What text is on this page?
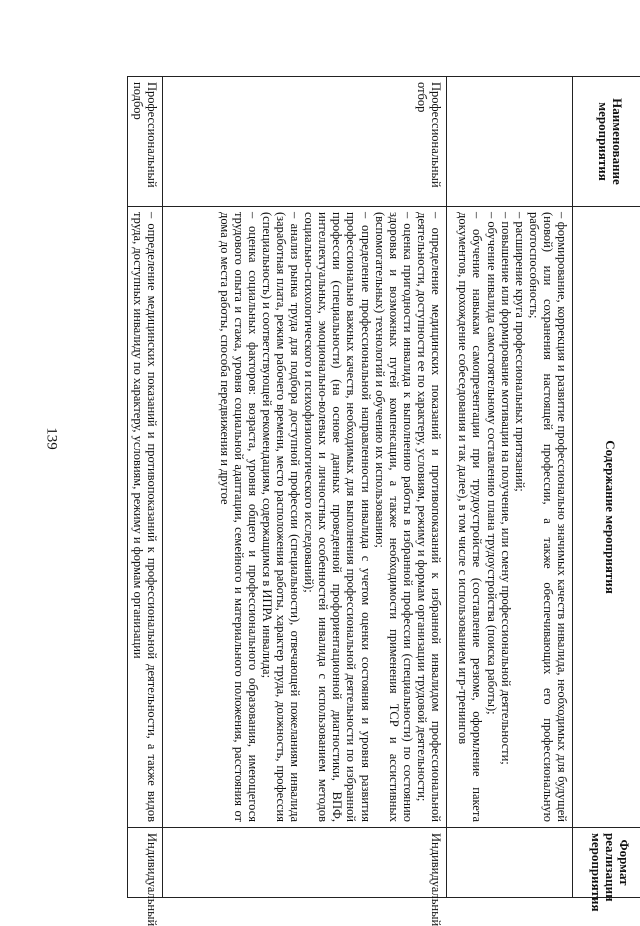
139
Наименование мероприятия	Содержание мероприятия	Формат реализации мероприятия

	– формирование, коррекция и развитие профессионально значимых качеств инвалида, необходимых для будущей (новой) или сохранения настоящей профессии, а также обеспечивающих его профессиональную работоспособность;

– расширение круга профессиональных притязаний;

– повышение или формирование мотивации на получение, или смену профессиональной деятельности;

– обучение инвалида самостоятельному составлению плана трудоустройства (поиска работы);

– обучение навыкам самопрезентации при трудоустройстве (составление резюме, оформление пакета документов, прохождение собеседования и так далее), в том числе с использованием игр-тренингов	

Профессиональный отбор	– определение медицинских показаний и противопоказаний к избранной инвалидом профессиональной деятельности, доступности ее по характеру, условиям, режиму и формам организации трудовой деятельности;

– оценка пригодности инвалида к выполнению работы в избранной профессии (специальности) по состоянию здоровья и возможных путей компенсации, а также необходимости применения ТСР и ассистивных (вспомогательных) технологий и обучению их использованию;

– определение профессиональной направленности инвалида с учетом оценки состояния и уровня развития профессионально важных качеств, необходимых для выполнения профессиональной деятельности по избранной профессии (специальности) (на основе данных проведенной профориентационной диагностики, ВПФ, интеллектуальных, эмоционально-волевых и личностных особенностей инвалида с использованием методов социально-психологического и психофизиологического исследований);

– анализ рынка труда для подбора доступной профессии (специальности), отвечающей пожеланиям инвалида (заработная плата, режим рабочего времени, место расположения работы, характер труда, должность, профессия (специальность) и соответствующей рекомендациям, содержащимся в ИПРА инвалида;

– оценка социальных факторов: возраста, уровня общего и профессионального образования, имеющегося трудового опыта и стажа, уровня социальной адаптации, семейного и материального положения, расстояния от дома до места работы, способа передвижения и другое	Индивидуальный
Профессиональный подбор	– определение медицинских показаний и противопоказаний к профессиональной деятельности, а также видов труда, доступных инвалиду по характеру, условиям, режиму и формам организации	Индивидуальный
